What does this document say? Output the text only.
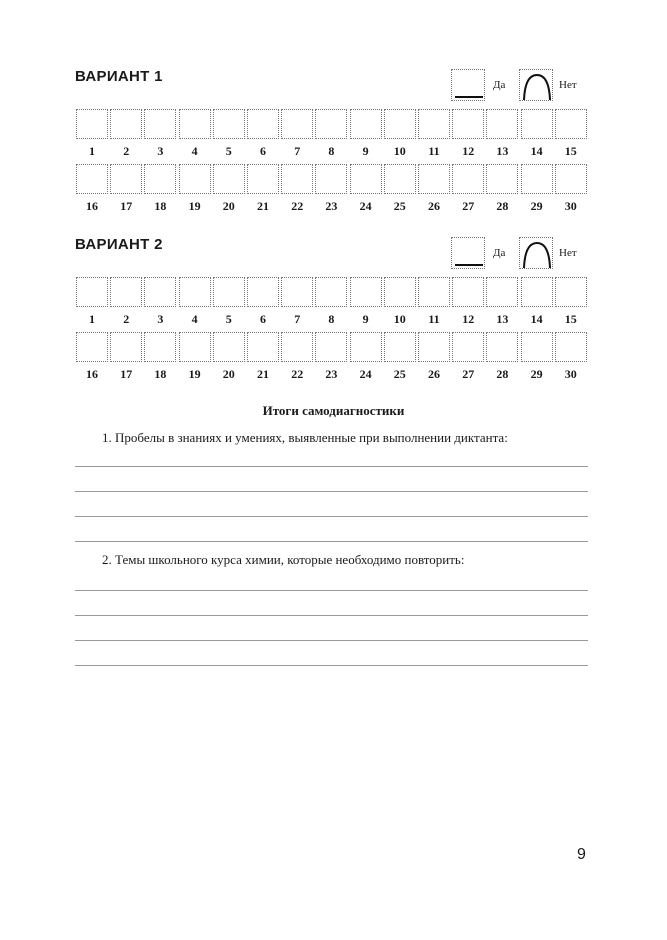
ВАРИАНТ 1	Да	Нет
1	2	3	4	5	6	7	8	9	10	11	12	13	14	15
16	17	18	19	20	21	22	23	24	25	26	27	28	29	30
ВАРИАНТ 2	Да	Нет
1	2	3	4	5	6	7	8	9	10	11	12	13	14	15
16	17	18	19	20	21	22	23	24	25	26	27	28	29	30
Итоги самодиагностики
1. Пробелы в знаниях и умениях, выявленные при выполнении диктанта:
2. Темы школьного курса химии, которые необходимо повторить:
9
